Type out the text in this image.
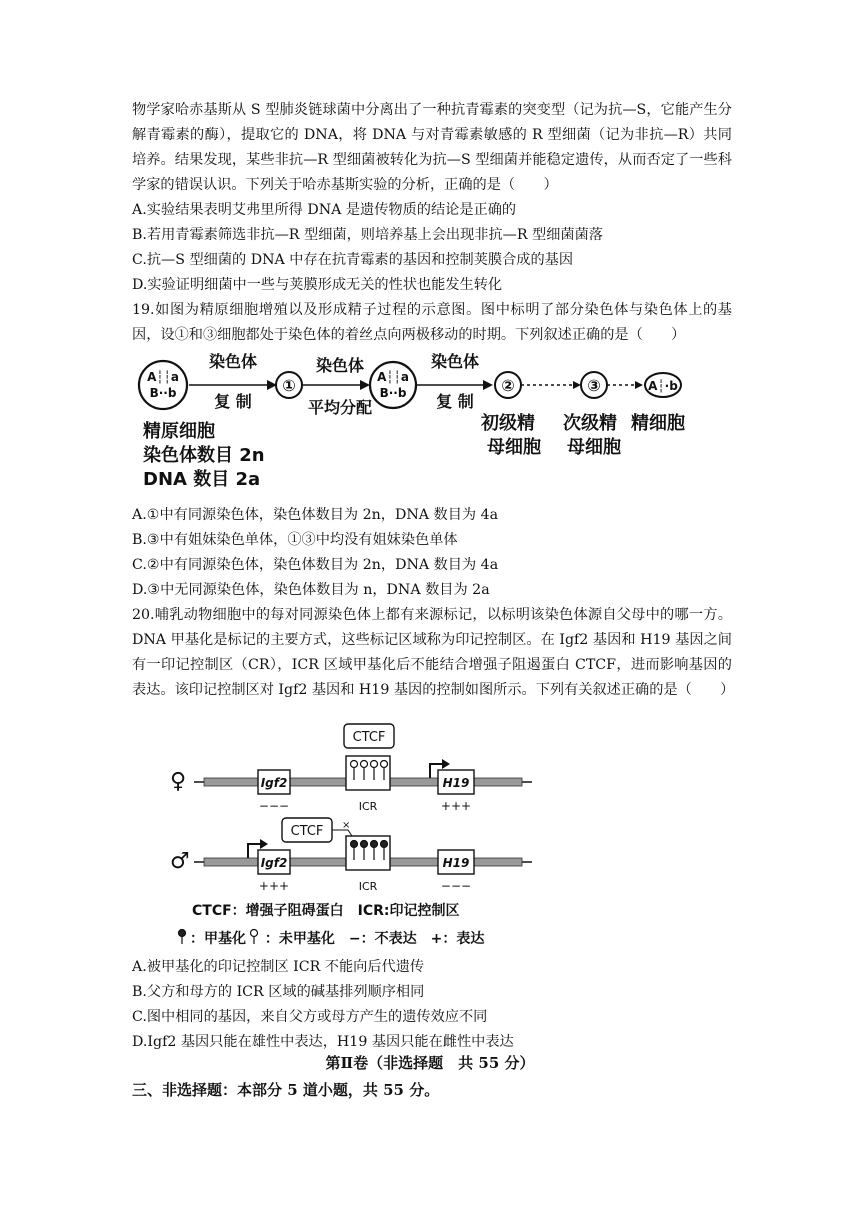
物学家哈赤基斯从 S 型肺炎链球菌中分离出了一种抗青霉素的突变型（记为抗—S，它能产生分解青霉素的酶），提取它的 DNA，将 DNA 与对青霉素敏感的 R 型细菌（记为非抗—R）共同培养。结果发现，某些非抗—R 型细菌被转化为抗—S 型细菌并能稳定遗传，从而否定了一些科学家的错误认识。下列关于哈赤基斯实验的分析，正确的是（　　）

A.实验结果表明艾弗里所得 DNA 是遗传物质的结论是正确的

B.若用青霉素筛选非抗—R 型细菌，则培养基上会出现非抗—R 型细菌菌落

C.抗—S 型细菌的 DNA 中存在抗青霉素的基因和控制荚膜合成的基因

D.实验证明细菌中一些与荚膜形成无关的性状也能发生转化

19.如图为精原细胞增殖以及形成精子过程的示意图。图中标明了部分染色体与染色体上的基因，设①和③细胞都处于染色体的着丝点向两极移动的时期。下列叙述正确的是（　　）

A┆┆a
B··b
染色体
复 制
①
染色体
平均分配
A┆┆a
B··b
染色体
复 制
②	③	A┆·b
精原细胞
染色体数目 2n
DNA 数目 2a
初级精
母细胞
次级精
母细胞
精细胞

A.①中有同源染色体，染色体数目为 2n，DNA 数目为 4a

B.③中有姐妹染色单体，①③中均没有姐妹染色单体

C.②中有同源染色体，染色体数目为 2n，DNA 数目为 4a

D.③中无同源染色体，染色体数目为 n，DNA 数目为 2a

20.哺乳动物细胞中的每对同源染色体上都有来源标记，以标明该染色体源自父母中的哪一方。DNA 甲基化是标记的主要方式，这些标记区域称为印记控制区。在 Igf2 基因和 H19 基因之间有一印记控制区（CR），ICR 区域甲基化后不能结合增强子阻遏蛋白 CTCF，进而影响基因的表达。该印记控制区对 Igf2 基因和 H19 基因的控制如图所示。下列有关叙述正确的是（　　）

♀	Igf2
−−−	ICR
CTCF
H19
+++
♂	Igf2
+++	ICR
CTCF ×
H19
−−−
CTCF：增强子阻碍蛋白　ICR:印记控制区
：甲基化　 ：未甲基化　−：不表达　+：表达

A.被甲基化的印记控制区 ICR 不能向后代遗传

B.父方和母方的 ICR 区域的碱基排列顺序相同

C.图中相同的基因，来自父方或母方产生的遗传效应不同

D.Igf2 基因只能在雄性中表达，H19 基因只能在雌性中表达

第Ⅱ卷（非选择题　共 55 分）
三、非选择题：本部分 5 道小题，共 55 分。
